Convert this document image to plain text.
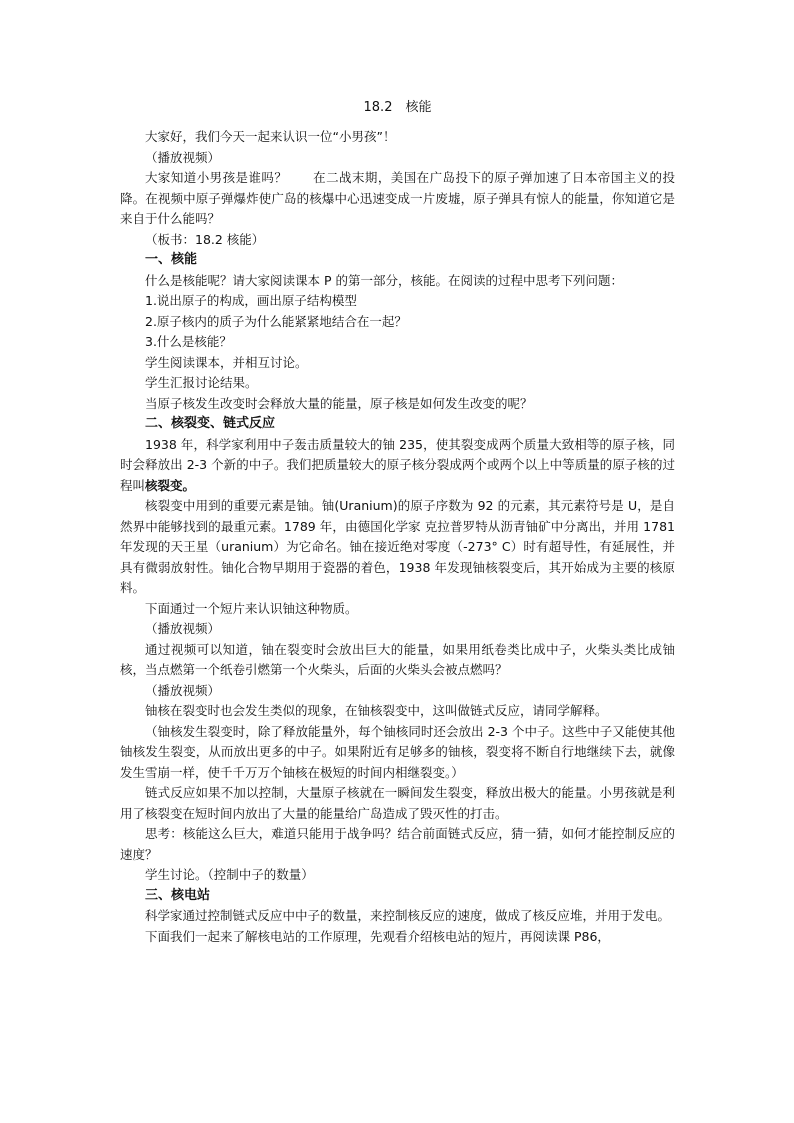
18.2　核能

大家好，我们今天一起来认识一位“小男孩”！

（播放视频）

大家知道小男孩是谁吗？　　在二战末期，美国在广岛投下的原子弹加速了日本帝国主义的投降。在视频中原子弹爆炸使广岛的核爆中心迅速变成一片废墟，原子弹具有惊人的能量，你知道它是来自于什么能吗？

（板书：18.2 核能）

一、核能

什么是核能呢？请大家阅读课本 P 的第一部分，核能。在阅读的过程中思考下列问题：

1.说出原子的构成，画出原子结构模型

2.原子核内的质子为什么能紧紧地结合在一起？

3.什么是核能？

学生阅读课本，并相互讨论。

学生汇报讨论结果。

当原子核发生改变时会释放大量的能量，原子核是如何发生改变的呢？

二、核裂变、链式反应

1938 年，科学家利用中子轰击质量较大的铀 235，使其裂变成两个质量大致相等的原子核，同时会释放出 2-3 个新的中子。我们把质量较大的原子核分裂成两个或两个以上中等质量的原子核的过程叫核裂变。

核裂变中用到的重要元素是铀。铀(Uranium)的原子序数为 92 的元素，其元素符号是 U，是自然界中能够找到的最重元素。1789 年，由德国化学家 克拉普罗特从沥青铀矿中分离出，并用 1781 年发现的天王星（uranium）为它命名。铀在接近绝对零度（-273° C）时有超导性，有延展性，并具有微弱放射性。铀化合物早期用于瓷器的着色，1938 年发现铀核裂变后，其开始成为主要的核原料。

下面通过一个短片来认识铀这种物质。

（播放视频）

通过视频可以知道，铀在裂变时会放出巨大的能量，如果用纸卷类比成中子，火柴头类比成铀核，当点燃第一个纸卷引燃第一个火柴头，后面的火柴头会被点燃吗？

（播放视频）

铀核在裂变时也会发生类似的现象，在铀核裂变中，这叫做链式反应，请同学解释。

（铀核发生裂变时，除了释放能量外，每个铀核同时还会放出 2-3 个中子。这些中子又能使其他铀核发生裂变，从而放出更多的中子。如果附近有足够多的铀核，裂变将不断自行地继续下去，就像发生雪崩一样，使千千万万个铀核在极短的时间内相继裂变。）

链式反应如果不加以控制，大量原子核就在一瞬间发生裂变，释放出极大的能量。小男孩就是利用了核裂变在短时间内放出了大量的能量给广岛造成了毁灭性的打击。

思考：核能这么巨大，难道只能用于战争吗？结合前面链式反应，猜一猜，如何才能控制反应的速度？

学生讨论。（控制中子的数量）

三、核电站

科学家通过控制链式反应中中子的数量，来控制核反应的速度，做成了核反应堆，并用于发电。

下面我们一起来了解核电站的工作原理，先观看介绍核电站的短片，再阅读课 P86，
